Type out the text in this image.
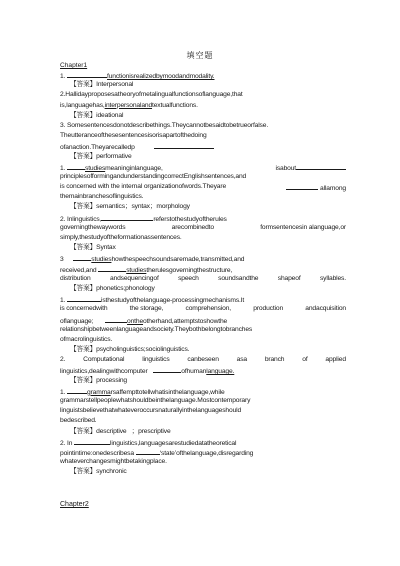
填空题
Chapter1
1.	functionisrealizedbymoodandmodality.
【答案】Interpersonal
2.Hallidayproposesatheoryofmetalingualfunctionsoflanguage,that
is,languagehas,interpersonalandtextualfunctions.
【答案】ideational
3. Somesentencesdonotdescribethings.Theycannotbesaidtobetrueorfalse.
Theutteranceofthesesentencesisorisapartofthedoing
ofanaction.Theyarecalledp
【答案】performative
1.	studiesmeaninginlanguage,	isabout
principlesofformingandunderstandingcorrectEnglishsentences,and
is concerned with the internal organizationofwords.Theyare	allamong
themainbranchesoflinguistics.
【答案】semantics；syntax；morphology
2. Inlinguistics,	referstothestudyoftherules
governingthewaywords	arecombinedto	formsentencesin alanguage,or
simply,thestudyoftheformationassentences.
【答案】Syntax
3	studieshowthespeechsoundsaremade,transmitted,and
received,and	studiestherulesgoverningthestructure,
distribution	andsequencingof	speech	soundsandthe	shapeof	syllables.
【答案】phonetics;phonology
1.	isthestudyofthelanguage-processingmechanisms.It
is concernedwith	the storage,	comprehension,	production	andacquisition
oflanguage;	ontheotherhand,attemptstoshowthe
relationshipbetweenlanguageandsociety.Theybothbelongtobranches
ofmacrolinguistics.
【答案】psycholinguistics;sociolinguistics.
2.	Computational	linguistics	canbeseen	asa	branch	of	applied
linguistics,dealingwithcomputer	ofhumanlanguage.
【答案】processing
1.	grammarsaffempttotellwhatisinthelanguage,while
grammarstellpeoplewhatshouldbeinthelanguage.Mostcontemporary
linguistsbelievethatwhateveroccursnaturallyinthelanguageshould
bedescribed.
【答案】descriptive ；prescriptive
2. In	linguistics,languagesarestudiedatatheoretical
pointintime:onedescribesa	‘state’ofthelanguage,disregarding
whateverchangesmightbetakingplace.
【答案】synchronic
Chapter2
